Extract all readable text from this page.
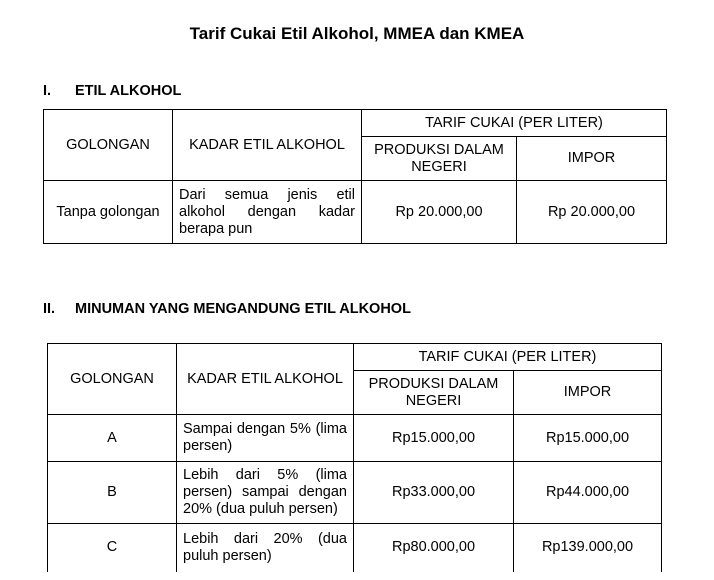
Tarif Cukai Etil Alkohol, MMEA dan KMEA
I. ETIL ALKOHOL
GOLONGAN	KADAR ETIL ALKOHOL	TARIF CUKAI (PER LITER)	
		PRODUKSI DALAM NEGERI	IMPOR
Tanpa golongan	Dari semua jenis etil alkohol dengan kadar berapa pun	Rp 20.000,00	Rp 20.000,00
II. MINUMAN YANG MENGANDUNG ETIL ALKOHOL
GOLONGAN	KADAR ETIL ALKOHOL	TARIF CUKAI (PER LITER)	
		PRODUKSI DALAM NEGERI	IMPOR
A	Sampai dengan 5% (lima persen)	Rp15.000,00	Rp15.000,00
B	Lebih dari 5% (lima persen) sampai dengan 20% (dua puluh persen)	Rp33.000,00	Rp44.000,00
C	Lebih dari 20% (dua puluh persen)	Rp80.000,00	Rp139.000,00
